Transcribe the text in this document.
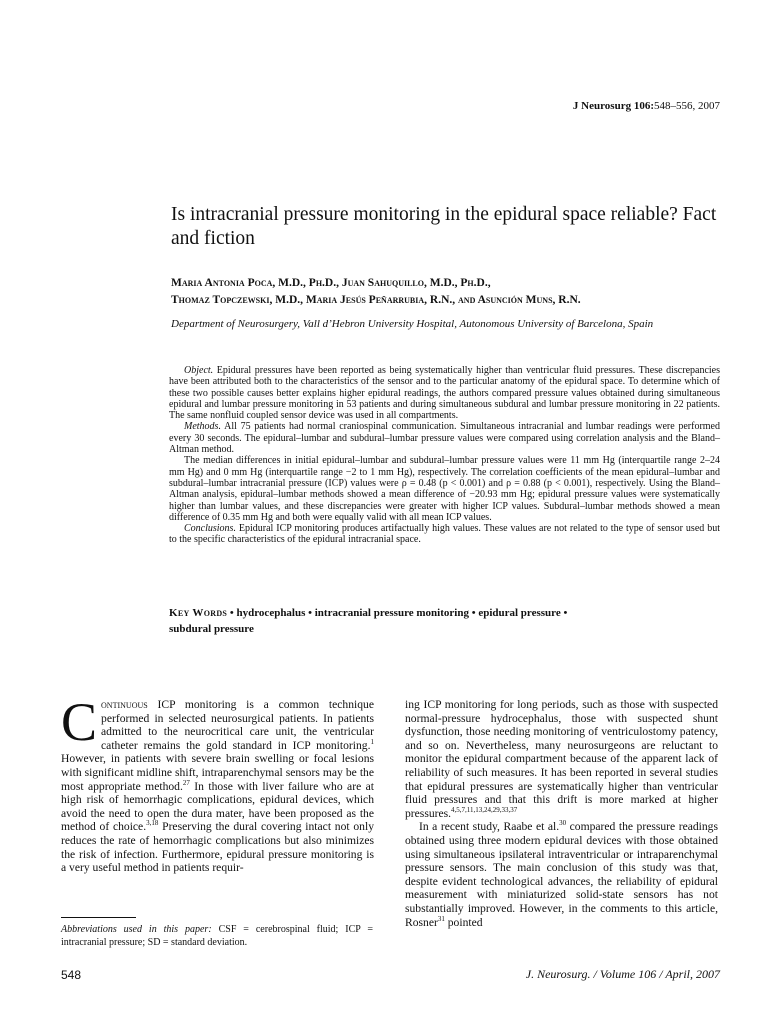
J Neurosurg 106:548–556, 2007
Is intracranial pressure monitoring in the epidural space reliable? Fact and fiction
Maria Antonia Poca, M.D., Ph.D., Juan Sahuquillo, M.D., Ph.D.,
Thomaz Topczewski, M.D., Maria Jesús Peñarrubia, R.N., and Asunción Muns, R.N.
Department of Neurosurgery, Vall d’Hebron University Hospital, Autonomous University of Barcelona, Spain

Object. Epidural pressures have been reported as being systematically higher than ventricular fluid pressures. These discrepancies have been attributed both to the characteristics of the sensor and to the particular anatomy of the epidural space. To determine which of these two possible causes better explains higher epidural readings, the authors compared pressure values obtained during simultaneous epidural and lumbar pressure monitoring in 53 patients and during simultaneous subdural and lumbar pressure monitoring in 22 patients. The same nonfluid coupled sensor device was used in all compartments.

Methods. All 75 patients had normal craniospinal communication. Simultaneous intracranial and lumbar readings were performed every 30 seconds. The epidural–lumbar and subdural–lumbar pressure values were compared using correlation analysis and the Bland–Altman method.

The median differences in initial epidural–lumbar and subdural–lumbar pressure values were 11 mm Hg (interquartile range 2–24 mm Hg) and 0 mm Hg (interquartile range −2 to 1 mm Hg), respectively. The correlation coefficients of the mean epidural–lumbar and subdural–lumbar intracranial pressure (ICP) values were ρ = 0.48 (p < 0.001) and ρ = 0.88 (p < 0.001), respectively. Using the Bland–Altman analysis, epidural–lumbar methods showed a mean difference of −20.93 mm Hg; epidural pressure values were systematically higher than lumbar values, and these discrepancies were greater with higher ICP values. Subdural–lumbar methods showed a mean difference of 0.35 mm Hg and both were equally valid with all mean ICP values.

Conclusions. Epidural ICP monitoring produces artifactually high values. These values are not related to the type of sensor used but to the specific characteristics of the epidural intracranial space.

Key Words • hydrocephalus • intracranial pressure monitoring • epidural pressure •
subdural pressure

Continuous ICP monitoring is a common technique performed in selected neurosurgical patients. In patients admitted to the neurocritical care unit, the ventricular catheter remains the gold standard in ICP monitoring.$^1$ However, in patients with severe brain swelling or focal lesions with significant midline shift, intraparenchymal sensors may be the most appropriate method.$^{27}$ In those with liver failure who are at high risk of hemorrhagic complications, epidural devices, which avoid the need to open the dura mater, have been proposed as the method of choice.$^{3,18}$ Preserving the dural covering intact not only reduces the rate of hemorrhagic complications but also minimizes the risk of infection. Furthermore, epidural pressure monitoring is a very useful method in patients requir-

ing ICP monitoring for long periods, such as those with suspected normal-pressure hydrocephalus, those with suspected shunt dysfunction, those needing monitoring of ventriculostomy patency, and so on. Nevertheless, many neurosurgeons are reluctant to monitor the epidural compartment because of the apparent lack of reliability of such measures. It has been reported in several studies that epidural pressures are systematically higher than ventricular fluid pressures and that this drift is more marked at higher pressures.$^{4,5,7,11,13,24,29,33,37}$

In a recent study, Raabe et al.$^{30}$ compared the pressure readings obtained using three modern epidural devices with those obtained using simultaneous ipsilateral intraventricular or intraparenchymal pressure sensors. The main conclusion of this study was that, despite evident technological advances, the reliability of epidural measurement with miniaturized solid-state sensors has not substantially improved. However, in the comments to this article, Rosner$^{31}$ pointed

Abbreviations used in this paper: CSF = cerebrospinal fluid; ICP = intracranial pressure; SD = standard deviation.
548	J. Neurosurg. / Volume 106 / April, 2007
